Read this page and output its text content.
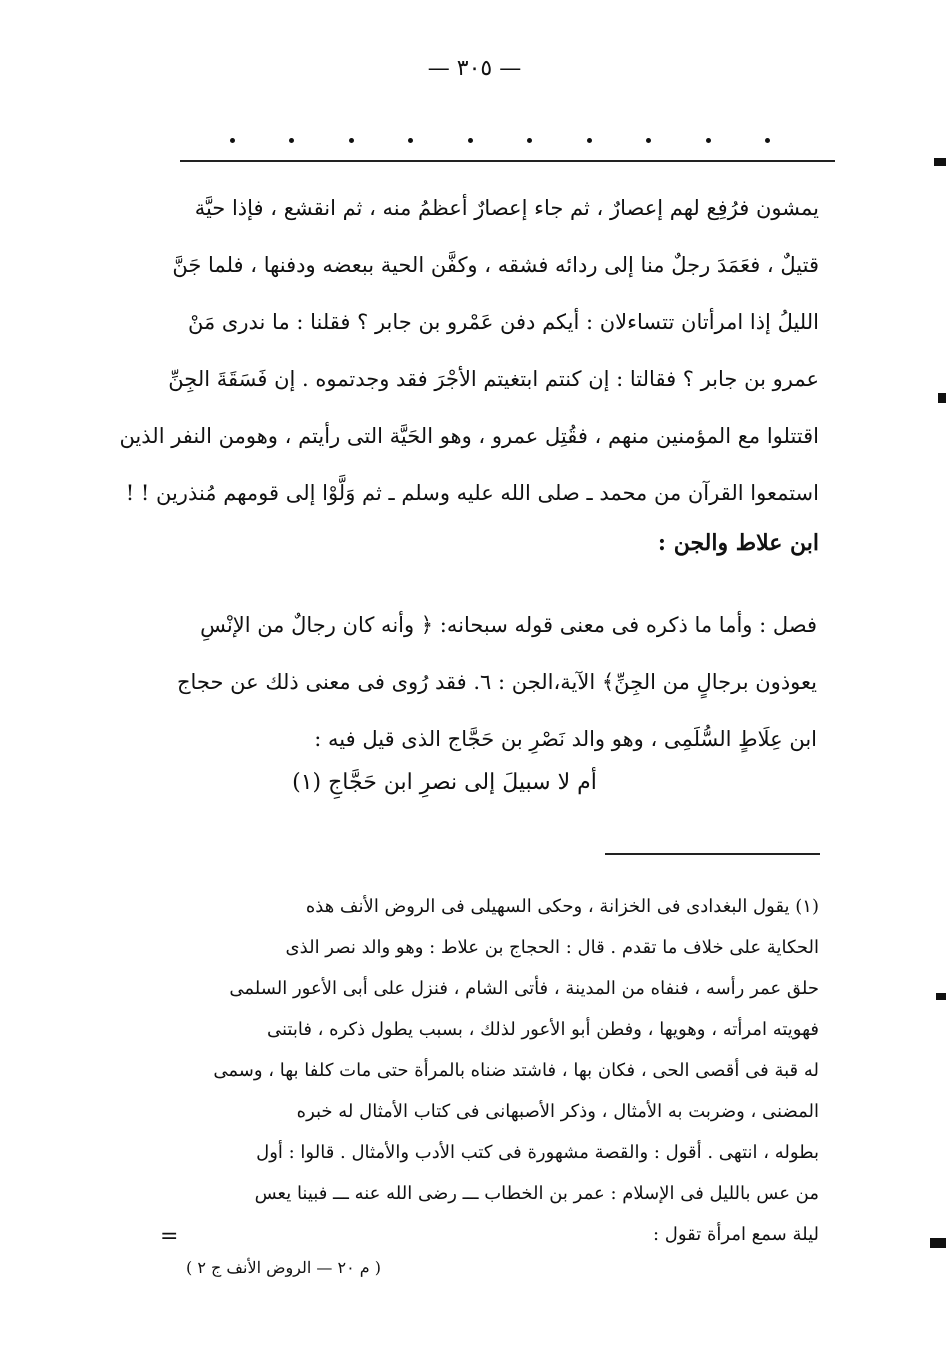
— ٣٠٥ —
يمشون فرُفِع لهم إعصارٌ ، ثم جاء إعصارٌ أعظمُ منه ، ثم انقشع ، فإذا حيَّة
قتيلٌ ، فعَمَدَ رجلٌ منا إلى ردائه فشقه ، وكفَّن الحية ببعضه ودفنها ، فلما جَنَّ
الليلُ إذا امرأتان تتساءلان : أيكم دفن عَمْرو بن جابر ؟ فقلنا : ما ندرى مَنْ
عمرو بن جابر ؟ فقالتا : إن كنتم ابتغيتم الأجْرَ فقد وجدتموه . إن فَسَقَةَ الجِنِّ
اقتتلوا مع المؤمنين منهم ، فقُتِل عمرو ، وهو الحَيَّة التى رأيتم ، وهومن النفر الذين
استمعوا القرآن من محمد ـ صلى الله عليه وسلم ـ ثم وَلَّوْا إلى قومهم مُنذرين ! !
ابن علاط والجن :
فصل : وأما ما ذكره فى معنى قوله سبحانه: ﴿ وأنه كان رجالٌ من الإنْسِ
يعوذون برجالٍ من الجِنِّ﴾ الآية،الجن : ٦. فقد رُوى فى معنى ذلك عن حجاج
ابن عِلَاطٍ السُّلَمِى ، وهو والد نَصْرِ بن حَجَّاج الذى قيل فيه :
أم لا سبيلَ إلى نصرِ ابن حَجَّاجِ (١)
(١) يقول البغدادى فى الخزانة ، وحكى السهيلى فى الروض الأنف هذه
الحكاية على خلاف ما تقدم . قال : الحجاج بن علاط : وهو والد نصر الذى
حلق عمر رأسه ، فنفاه من المدينة ، فأتى الشام ، فنزل على أبى الأعور السلمى
فهويته امرأته ، وهويها ، وفطن أبو الأعور لذلك ، بسبب يطول ذكره ، فابتنى
له قبة فى أقصى الحى ، فكان بها ، فاشتد ضناه بالمرأة حتى مات كلفا بها ، وسمى
المضنى ، وضربت به الأمثال ، وذكر الأصبهانى فى كتاب الأمثال له خبره
بطوله ، انتهى . أقول : والقصة مشهورة فى كتب الأدب والأمثال . قالوا : أول
من عس بالليل فى الإسلام : عمر بن الخطاب ـــ رضى الله عنه ـــ فبينا يعس
ليلة سمع امرأة تقول :
=
( م ٢٠ — الروض الأنف ج ٢ )
